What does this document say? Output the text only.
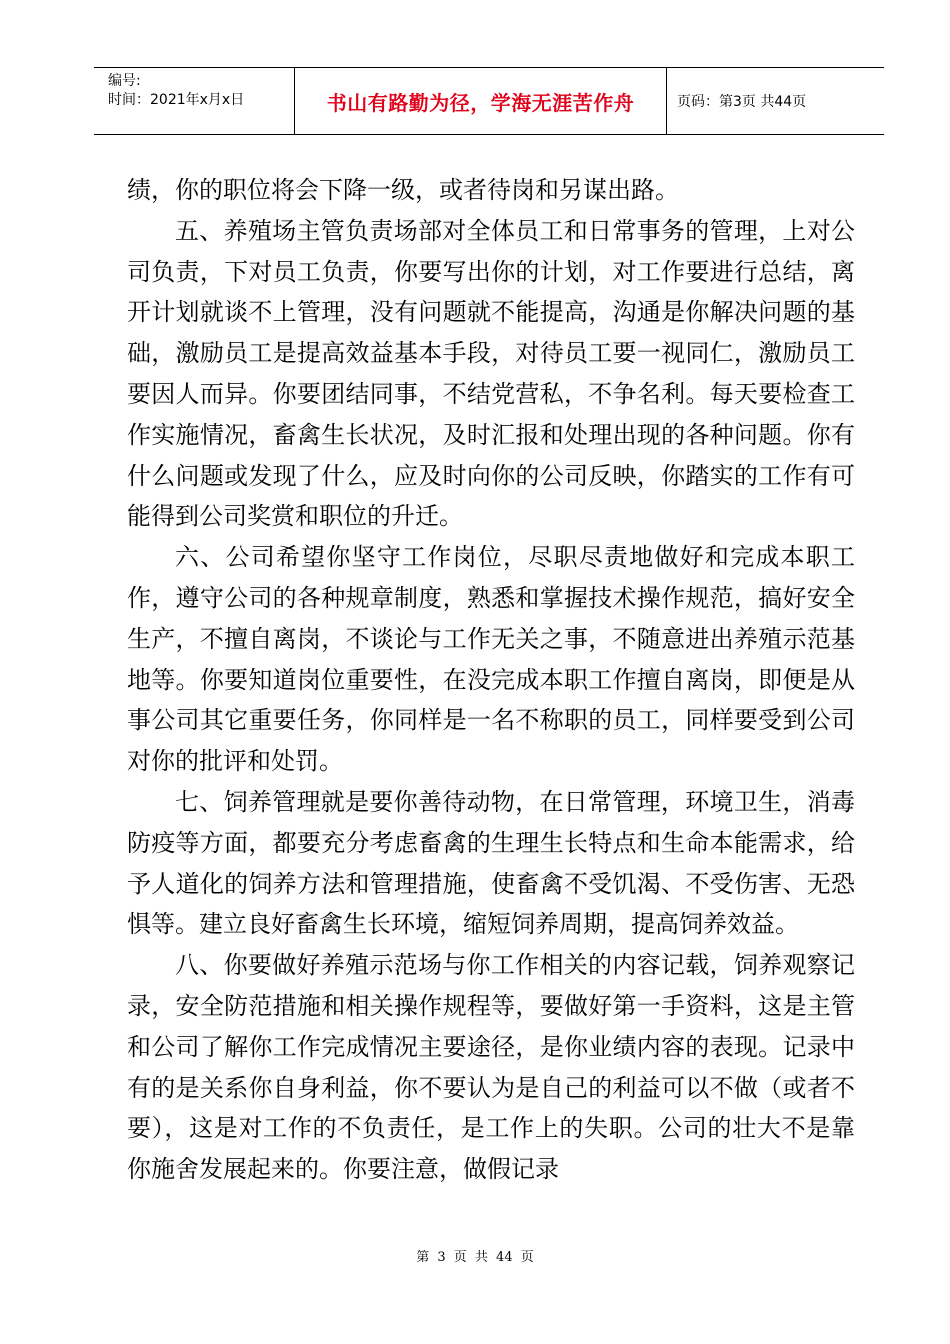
编号:
时间：2021年x月x日	书山有路勤为径，学海无涯苦作舟	页码：第3页 共44页

绩，你的职位将会下降一级，或者待岗和另谋出路。

五、养殖场主管负责场部对全体员工和日常事务的管理，上对公司负责，下对员工负责，你要写出你的计划，对工作要进行总结，离开计划就谈不上管理，没有问题就不能提高，沟通是你解决问题的基础，激励员工是提高效益基本手段，对待员工要一视同仁，激励员工要因人而异。你要团结同事，不结党营私，不争名利。每天要检查工作实施情况，畜禽生长状况，及时汇报和处理出现的各种问题。你有什么问题或发现了什么，应及时向你的公司反映，你踏实的工作有可能得到公司奖赏和职位的升迁。

六、公司希望你坚守工作岗位，尽职尽责地做好和完成本职工作，遵守公司的各种规章制度，熟悉和掌握技术操作规范，搞好安全生产，不擅自离岗，不谈论与工作无关之事，不随意进出养殖示范基地等。你要知道岗位重要性，在没完成本职工作擅自离岗，即便是从事公司其它重要任务，你同样是一名不称职的员工，同样要受到公司对你的批评和处罚。

七、饲养管理就是要你善待动物，在日常管理，环境卫生，消毒防疫等方面，都要充分考虑畜禽的生理生长特点和生命本能需求，给予人道化的饲养方法和管理措施，使畜禽不受饥渴、不受伤害、无恐惧等。建立良好畜禽生长环境，缩短饲养周期，提高饲养效益。

八、你要做好养殖示范场与你工作相关的内容记载，饲养观察记录，安全防范措施和相关操作规程等，要做好第一手资料，这是主管和公司了解你工作完成情况主要途径，是你业绩内容的表现。记录中有的是关系你自身利益，你不要认为是自己的利益可以不做（或者不要），这是对工作的不负责任，是工作上的失职。公司的壮大不是靠你施舍发展起来的。你要注意，做假记录

第 3 页 共 44 页
